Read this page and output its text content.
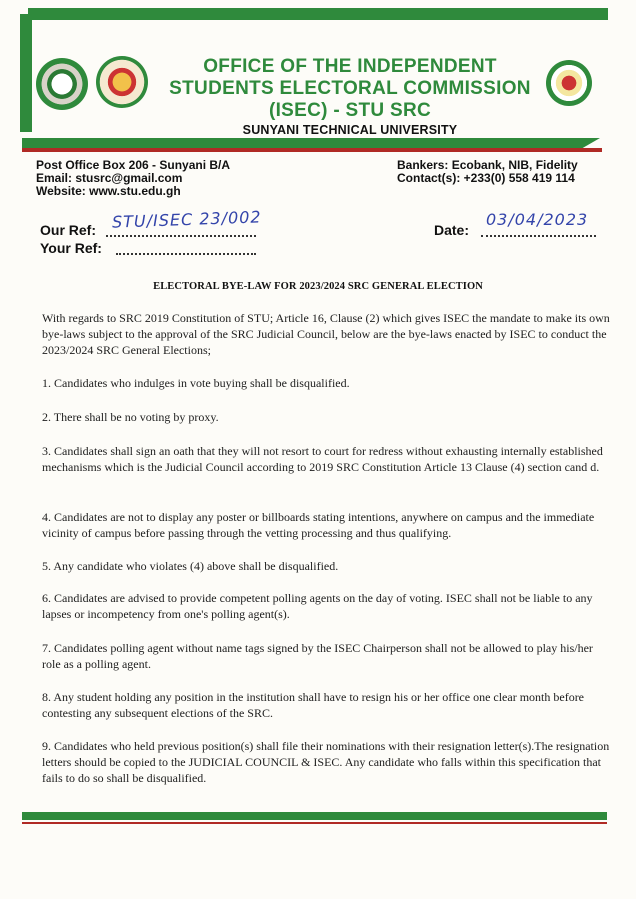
OFFICE OF THE INDEPENDENT
STUDENTS ELECTORAL COMMISSION
(ISEC) - STU SRC
SUNYANI TECHNICAL UNIVERSITY
Post Office Box 206 - Sunyani B/A
Email: stusrc@gmail.com
Website: www.stu.edu.gh
Bankers: Ecobank, NIB, Fidelity
Contact(s): +233(0) 558 419 114
Our Ref: STU/ISEC 23/002
Your Ref:
Date:
03/04/2023
ELECTORAL BYE-LAW FOR 2023/2024 SRC GENERAL ELECTION
With regards to SRC 2019 Constitution of STU; Article 16, Clause (2) which gives ISEC the mandate to make its own bye-laws subject to the approval of the SRC Judicial Council, below are the bye-laws enacted by ISEC to conduct the 2023/2024 SRC General Elections;
1. Candidates who indulges in vote buying shall be disqualified.
2. There shall be no voting by proxy.
3. Candidates shall sign an oath that they will not resort to court for redress without exhausting internally established mechanisms which is the Judicial Council according to 2019 SRC Constitution Article 13 Clause (4) section cand d.
4. Candidates are not to display any poster or billboards stating intentions, anywhere on campus and the immediate vicinity of campus before passing through the vetting processing and thus qualifying.
5. Any candidate who violates (4) above shall be disqualified.
6. Candidates are advised to provide competent polling agents on the day of voting. ISEC shall not be liable to any lapses or incompetency from one's polling agent(s).
7. Candidates polling agent without name tags signed by the ISEC Chairperson shall not be allowed to play his/her role as a polling agent.
8. Any student holding any position in the institution shall have to resign his or her office one clear month before contesting any subsequent elections of the SRC.
9. Candidates who held previous position(s) shall file their nominations with their resignation letter(s).The resignation letters should be copied to the JUDICIAL COUNCIL & ISEC. Any candidate who falls within this specification that fails to do so shall be disqualified.
